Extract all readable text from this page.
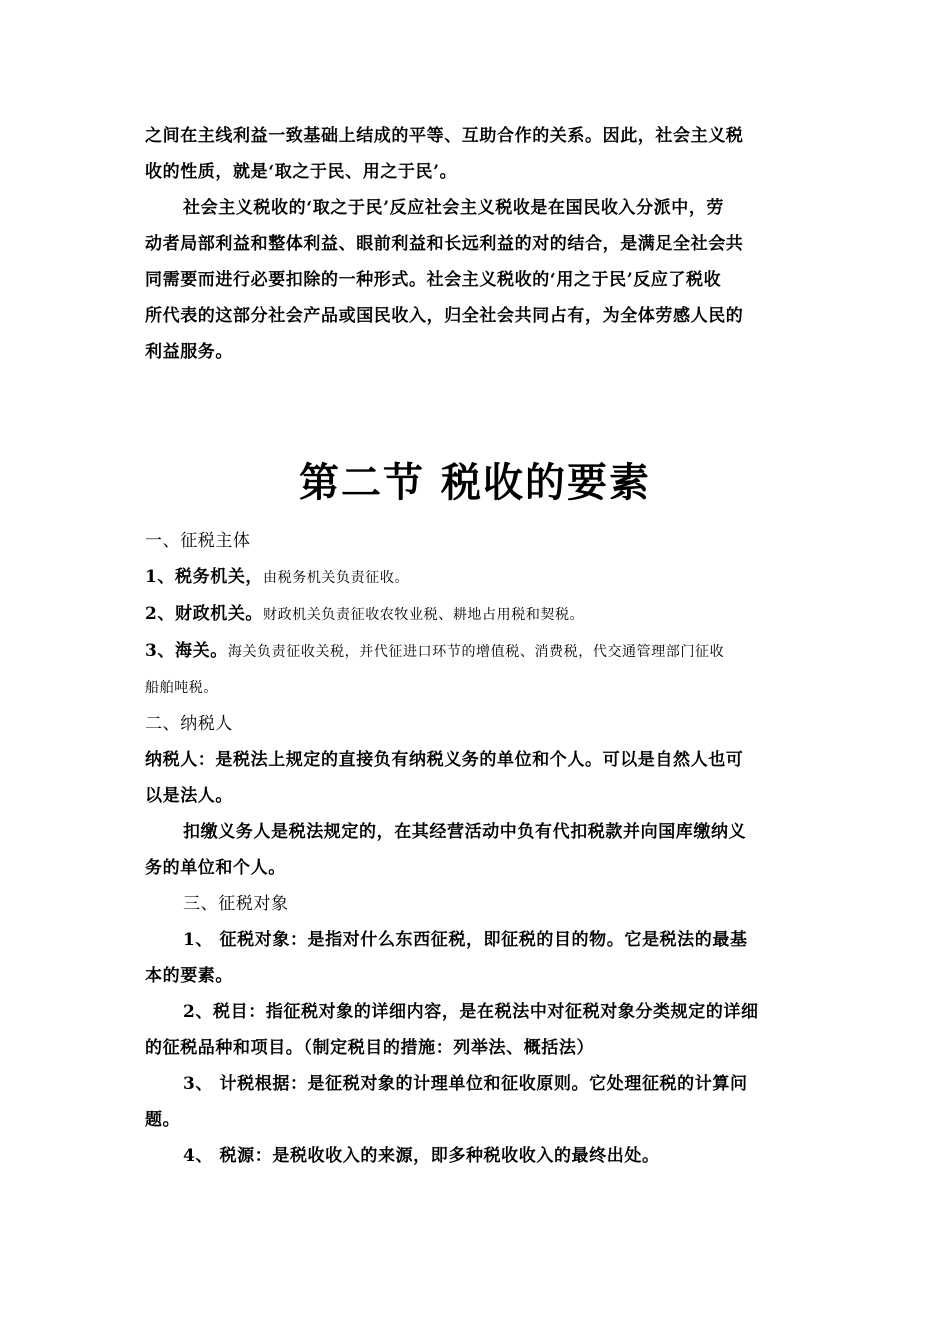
之间在主线利益一致基础上结成的平等、互助合作的关系。因此，社会主义税
收的性质，就是‘取之于民、用之于民’。
社会主义税收的‘取之于民’反应社会主义税收是在国民收入分派中，劳
动者局部利益和整体利益、眼前利益和长远利益的对的结合，是满足全社会共
同需要而进行必要扣除的一种形式。社会主义税收的‘用之于民’反应了税收
所代表的这部分社会产品或国民收入，归全社会共同占有，为全体劳感人民的
利益服务。
第二节 税收的要素
一、征税主体
1、税务机关，由税务机关负责征收。
2、财政机关。财政机关负责征收农牧业税、耕地占用税和契税。
3、海关。海关负责征收关税，并代征进口环节的增值税、消费税，代交通管理部门征收
船舶吨税。
二、纳税人
纳税人：是税法上规定的直接负有纳税义务的单位和个人。可以是自然人也可
以是法人。
扣缴义务人是税法规定的，在其经营活动中负有代扣税款并向国库缴纳义
务的单位和个人。
三、征税对象
1、 征税对象：是指对什么东西征税，即征税的目的物。它是税法的最基
本的要素。
2、税目：指征税对象的详细内容，是在税法中对征税对象分类规定的详细
的征税品种和项目。（制定税目的措施：列举法、概括法）
3、 计税根据：是征税对象的计理单位和征收原则。它处理征税的计算问
题。
4、 税源：是税收收入的来源，即多种税收收入的最终出处。
